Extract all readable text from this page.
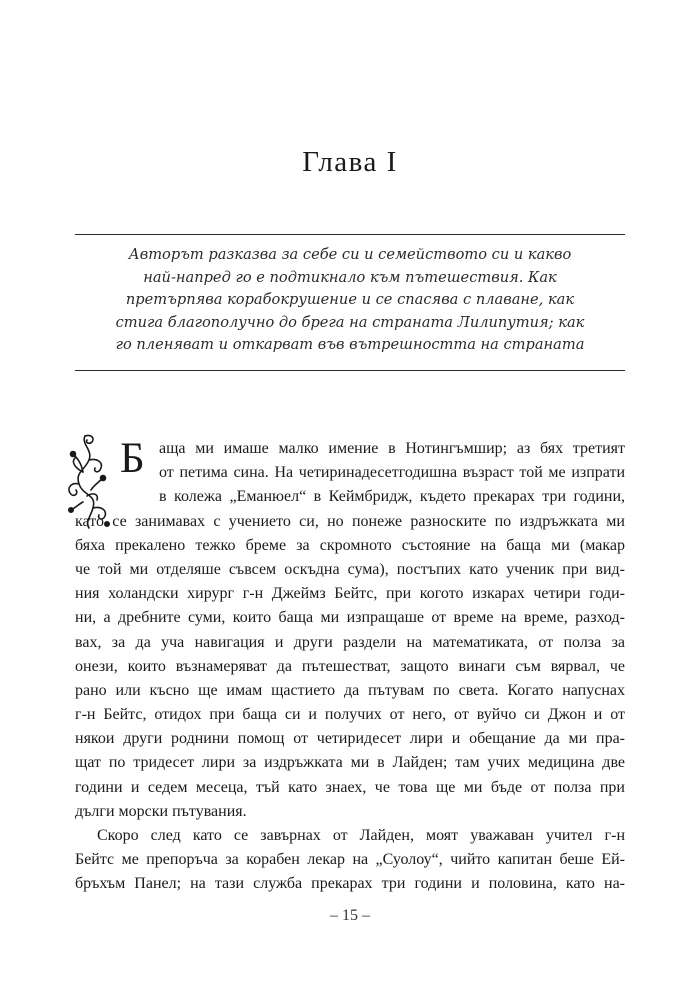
Глава I
Авторът разказва за себе си и семейството си и какво
най-напред го е подтикнало към пътешествия. Как
претърпява корабокрушение и се спасява с плаване, как
стига благополучно до брега на страната Лилипутия; как
го пленяват и откарват във вътрешността на страната
Б аща ми имаше малко имение в Нотингъмшир; аз бях третият
от петима сина. На четиринадесетгодишна възраст той ме изпрати
в колежа „Еманюел“ в Кеймбридж, където прекарах три години,
като се занимавах с учението си, но понеже разноските по издръжката ми
бяха прекалено тежко бреме за скромното състояние на баща ми (макар
че той ми отделяше съвсем оскъдна сума), постъпих като ученик при вид-
ния холандски хирург г-н Джеймз Бейтс, при когото изкарах четири годи-
ни, а дребните суми, които баща ми изпращаше от време на време, разход-
вах, за да уча навигация и други раздели на математиката, от полза за
онези, които възнамеряват да пътешестват, защото винаги съм вярвал, че
рано или късно ще имам щастието да пътувам по света. Когато напуснах
г-н Бейтс, отидох при баща си и получих от него, от вуйчо си Джон и от
някои други роднини помощ от четиридесет лири и обещание да ми пра-
щат по тридесет лири за издръжката ми в Лайден; там учих медицина две
години и седем месеца, тъй като знаех, че това ще ми бъде от полза при
дълги морски пътувания.
Скоро след като се завърнах от Лайден, моят уважаван учител г-н
Бейтс ме препоръча за корабен лекар на „Суолоу“, чийто капитан беше Ей-
бръхъм Панел; на тази служба прекарах три години и половина, като на-
– 15 –
